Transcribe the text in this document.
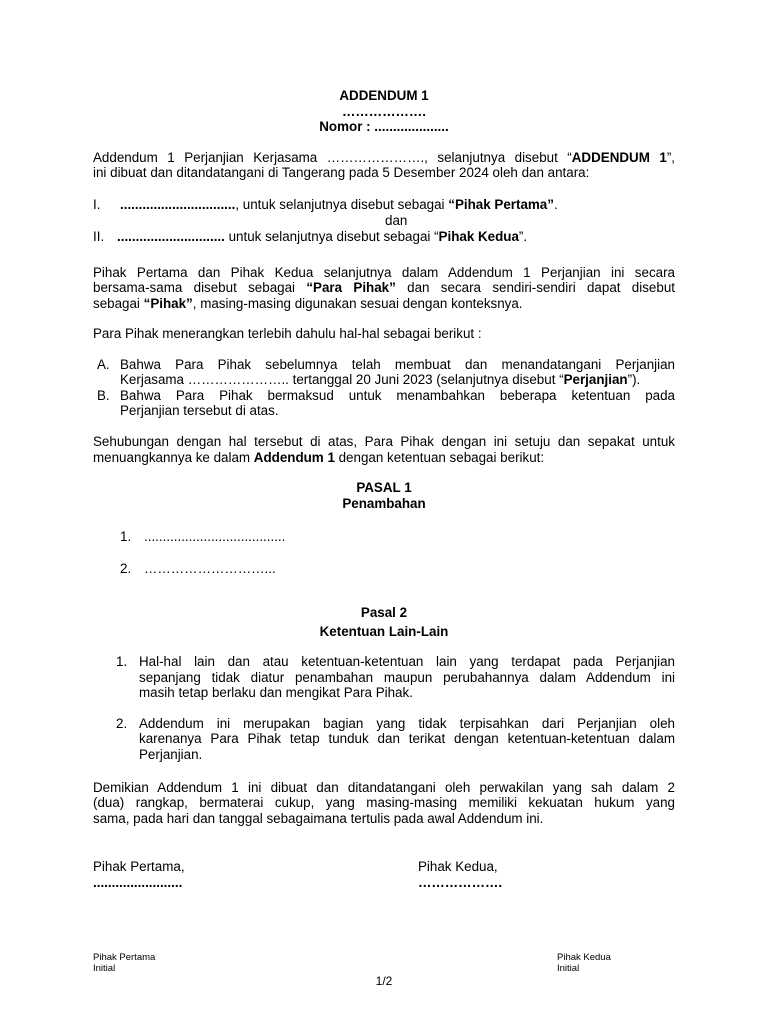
ADDENDUM 1
……………….
Nomor : ....................
Addendum 1 Perjanjian Kerjasama …………………., selanjutnya disebut “ADDENDUM 1”,
ini dibuat dan ditandatangani di Tangerang pada 5 Desember 2024 oleh dan antara:
I. ..............................., untuk selanjutnya disebut sebagai “Pihak Pertama”.
dan
II. ............................. untuk selanjutnya disebut sebagai “Pihak Kedua”.
Pihak Pertama dan Pihak Kedua selanjutnya dalam Addendum 1 Perjanjian ini secara
bersama-sama disebut sebagai “Para Pihak” dan secara sendiri-sendiri dapat disebut
sebagai “Pihak”, masing-masing digunakan sesuai dengan konteksnya.
Para Pihak menerangkan terlebih dahulu hal-hal sebagai berikut :
A. Bahwa Para Pihak sebelumnya telah membuat dan menandatangani Perjanjian
Kerjasama ………………….. tertanggal 20 Juni 2023 (selanjutnya disebut “Perjanjian”).
B. Bahwa Para Pihak bermaksud untuk menambahkan beberapa ketentuan pada
Perjanjian tersebut di atas.
Sehubungan dengan hal tersebut di atas, Para Pihak dengan ini setuju dan sepakat untuk
menuangkannya ke dalam Addendum 1 dengan ketentuan sebagai berikut:
PASAL 1
Penambahan
1. ......................................
2. ………………………...
Pasal 2
Ketentuan Lain-Lain
1. Hal-hal lain dan atau ketentuan-ketentuan lain yang terdapat pada Perjanjian
sepanjang tidak diatur penambahan maupun perubahannya dalam Addendum ini
masih tetap berlaku dan mengikat Para Pihak.
2. Addendum ini merupakan bagian yang tidak terpisahkan dari Perjanjian oleh
karenanya Para Pihak tetap tunduk dan terikat dengan ketentuan-ketentuan dalam
Perjanjian.
Demikian Addendum 1 ini dibuat dan ditandatangani oleh perwakilan yang sah dalam 2
(dua) rangkap, bermaterai cukup, yang masing-masing memiliki kekuatan hukum yang
sama, pada hari dan tanggal sebagaimana tertulis pada awal Addendum ini.
Pihak Pertama,
........................
Pihak Kedua,
……………….
Pihak Pertama
Initial
Pihak Kedua
Initial
1/2
